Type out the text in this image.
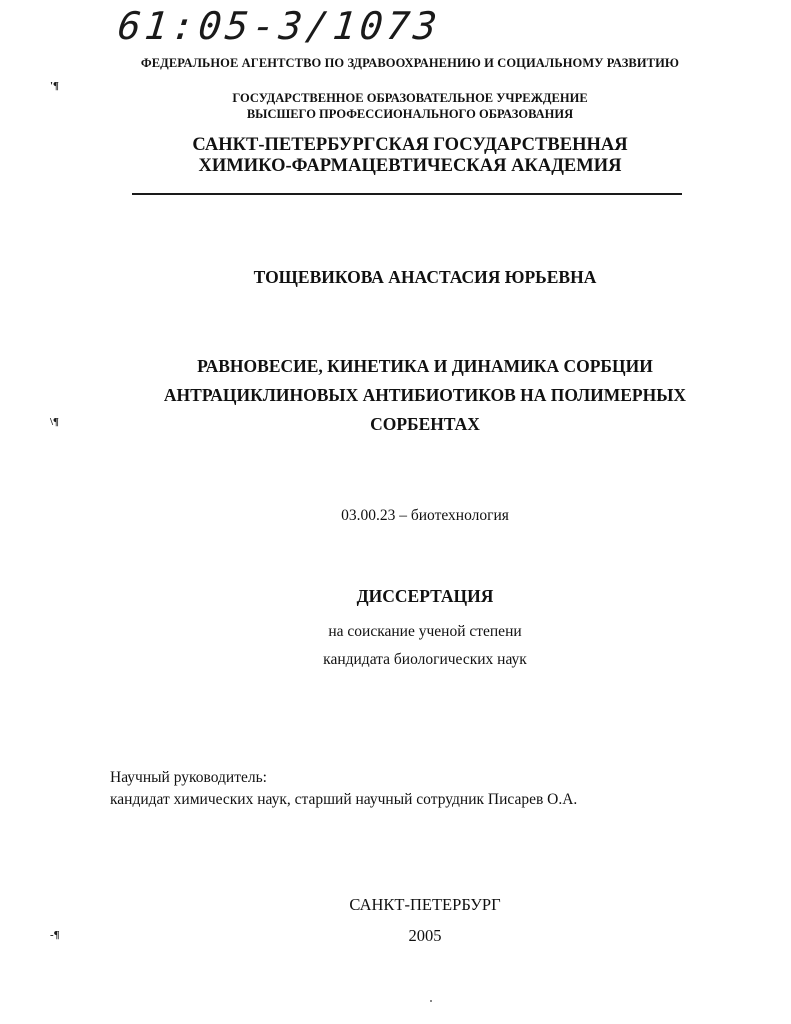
61:05-3/1073
ФЕДЕРАЛЬНОЕ АГЕНТСТВО ПО ЗДРАВООХРАНЕНИЮ И СОЦИАЛЬНОМУ РАЗВИТИЮ
ГОСУДАРСТВЕННОЕ ОБРАЗОВАТЕЛЬНОЕ УЧРЕЖДЕНИЕ
ВЫСШЕГО ПРОФЕССИОНАЛЬНОГО ОБРАЗОВАНИЯ
САНКТ-ПЕТЕРБУРГСКАЯ ГОСУДАРСТВЕННАЯ
ХИМИКО-ФАРМАЦЕВТИЧЕСКАЯ АКАДЕМИЯ
ТОЩЕВИКОВА АНАСТАСИЯ ЮРЬЕВНА
РАВНОВЕСИЕ, КИНЕТИКА И ДИНАМИКА СОРБЦИИ
АНТРАЦИКЛИНОВЫХ АНТИБИОТИКОВ НА ПОЛИМЕРНЫХ
СОРБЕНТАХ
03.00.23 – биотехнология
ДИССЕРТАЦИЯ
на соискание ученой степени
кандидата биологических наук
Научный руководитель:
кандидат химических наук, старший научный сотрудник Писарев О.А.
САНКТ-ПЕТЕРБУРГ
2005
'¶
\¶
-¶
